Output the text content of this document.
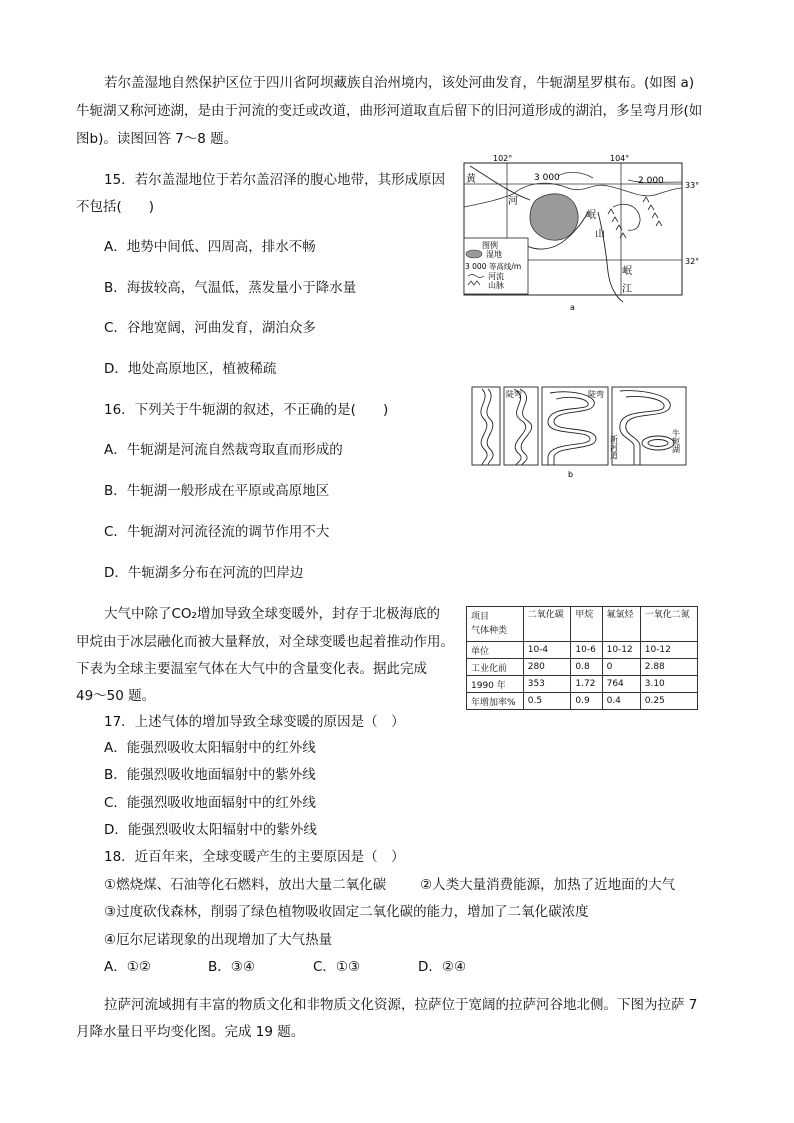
若尔盖湿地自然保护区位于四川省阿坝藏族自治州境内，该处河曲发育，牛轭湖星罗棋布。(如图 a)
牛轭湖又称河迹湖，是由于河流的变迁或改道，曲形河道取直后留下的旧河道形成的湖泊，多呈弯月形(如
图b)。读图回答 7～8 题。
15．若尔盖湿地位于若尔盖沼泽的腹心地带，其形成原因
不包括(　　)
A．地势中间低、四周高，排水不畅
B．海拔较高，气温低，蒸发量小于降水量
C．谷地宽阔，河曲发育，湖泊众多
D．地处高原地区，植被稀疏
102°	104°
33°
32°
3 000	2 000
黄
河
岷
山
岷
江
图例
湿地
3 000 等高线/m
河流
山脉
a
16．下列关于牛轭湖的叙述，不正确的是(　　)
A．牛轭湖是河流自然裁弯取直而形成的
B．牛轭湖一般形成在平原或高原地区
C．牛轭湖对河流径流的调节作用不大
D．牛轭湖多分布在河流的凹岸边
陡弯	陡弯
新河道	牛轭湖
b
大气中除了CO₂增加导致全球变暖外，封存于北极海底的
甲烷由于冰层融化而被大量释放，对全球变暖也起着推动作用。
下表为全球主要温室气体在大气中的含量变化表。据此完成
49～50 题。
项目
气体种类	二氧化碳	甲烷	氟氯烃	一氧化二氮
单位	10-4	10-6	10-12	10-12
工业化前	280	0.8	0	2.88
1990 年	353	1.72	764	3.10
年增加率%	0.5	0.9	0.4	0.25
17．上述气体的增加导致全球变暖的原因是（　）
A．能强烈吸收太阳辐射中的红外线
B．能强烈吸收地面辐射中的紫外线
C．能强烈吸收地面辐射中的红外线
D．能强烈吸收太阳辐射中的紫外线
18．近百年来，全球变暖产生的主要原因是（　）
①燃烧煤、石油等化石燃料，放出大量二氧化碳	②人类大量消费能源，加热了近地面的大气
③过度砍伐森林，削弱了绿色植物吸收固定二氧化碳的能力，增加了二氧化碳浓度
④厄尔尼诺现象的出现增加了大气热量
A．①②	B．③④	C．①③	D．②④
拉萨河流域拥有丰富的物质文化和非物质文化资源，拉萨位于宽阔的拉萨河谷地北侧。下图为拉萨 7
月降水量日平均变化图。完成 19 题。
